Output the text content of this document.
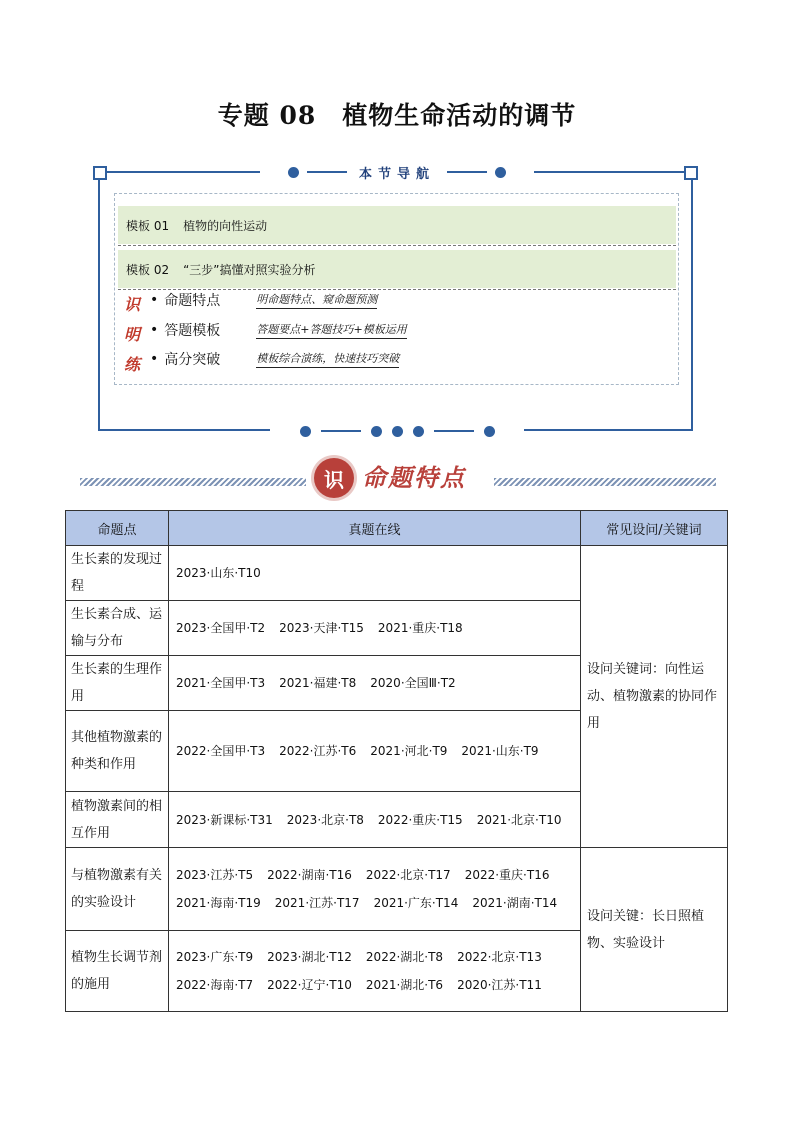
专题 08 植物生命活动的调节
本节导航
模板 01 植物的向性运动
模板 02 “三步”搞懂对照实验分析
识
明
练
• 命题特点	明命题特点、窥命题预测
• 答题模板	答题要点+答题技巧+模板运用
• 高分突破	模板综合演练，快速技巧突破
识 命题特点
命题点	真题在线	常见设问/关键词
生长素的发现过程	2023·山东·T10	设问关键词：向性运动、植物激素的协同作用
生长素合成、运输与分布	2023·全国甲·T2 2023·天津·T15 2021·重庆·T18	
生长素的生理作用	2021·全国甲·T3 2021·福建·T8 2020·全国Ⅲ·T2	
其他植物激素的种类和作用	2022·全国甲·T3 2022·江苏·T6 2021·河北·T9 2021·山东·T9	
植物激素间的相互作用	2023·新课标·T31 2023·北京·T8 2022·重庆·T15 2021·北京·T10	
与植物激素有关的实验设计	2023·江苏·T5 2022·湖南·T16 2022·北京·T17 2022·重庆·T16
2021·海南·T19 2021·江苏·T17 2021·广东·T14 2021·湖南·T14	设问关键：长日照植物、实验设计
植物生长调节剂的施用	2023·广东·T9 2023·湖北·T12 2022·湖北·T8 2022·北京·T13
2022·海南·T7 2022·辽宁·T10 2021·湖北·T6 2020·江苏·T11	
